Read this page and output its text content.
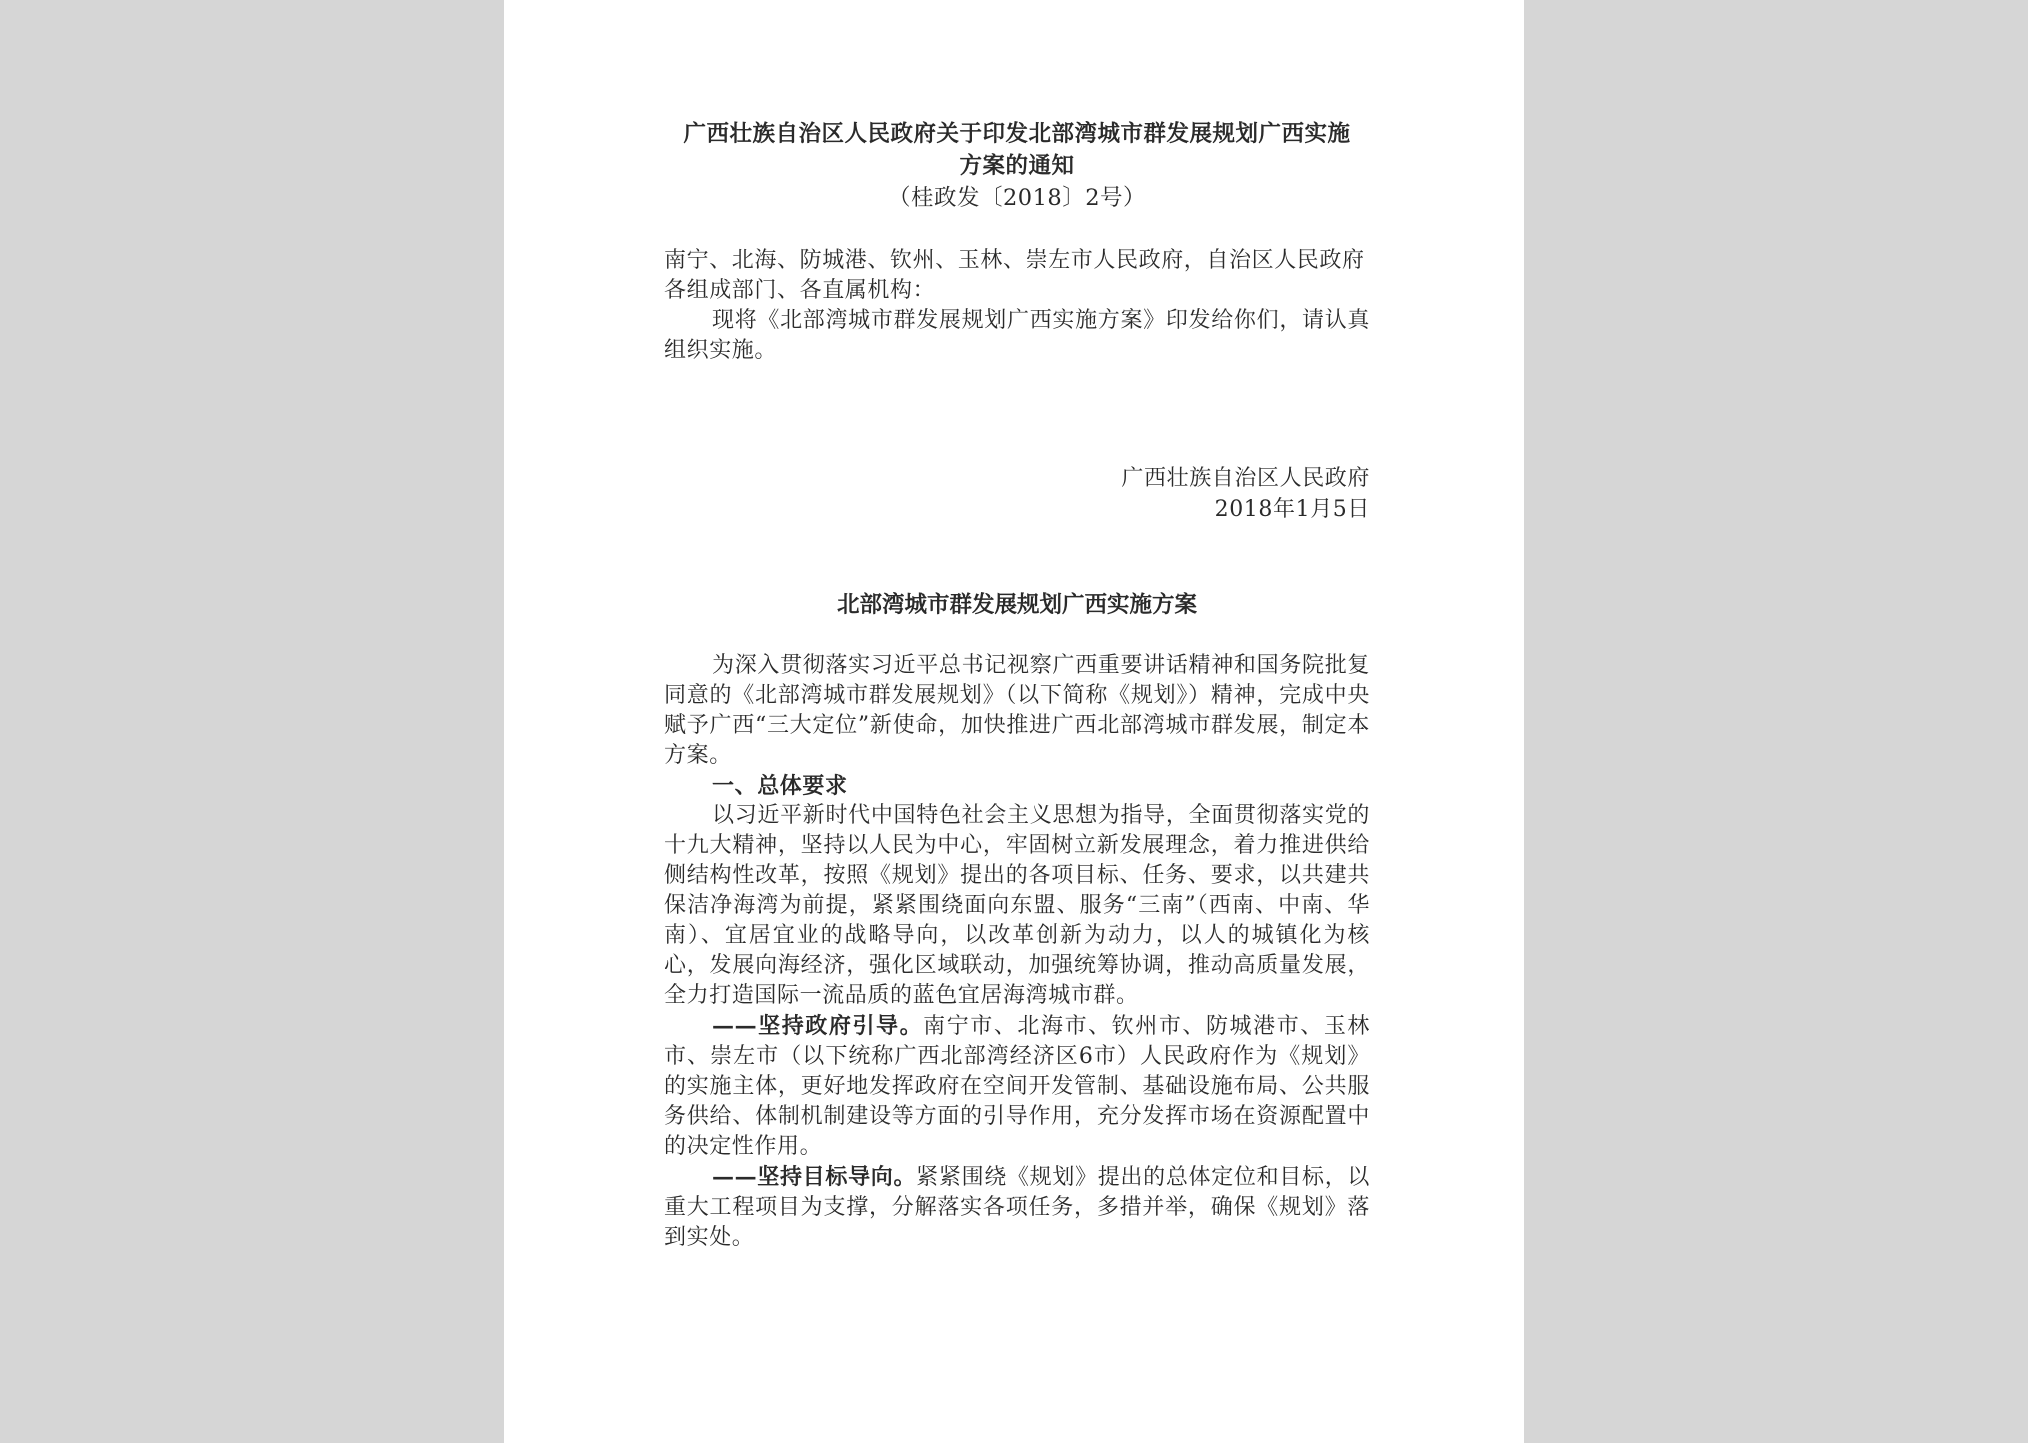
广西壮族自治区人民政府关于印发北部湾城市群发展规划广西实施
方案的通知
（桂政发〔2018〕2号）
南宁、北海、防城港、钦州、玉林、崇左市人民政府，自治区人民政府各组成部门、各直属机构：

现将《北部湾城市群发展规划广西实施方案》印发给你们，请认真组织实施。

广西壮族自治区人民政府
2018年1月5日
北部湾城市群发展规划广西实施方案

为深入贯彻落实习近平总书记视察广西重要讲话精神和国务院批复同意的《北部湾城市群发展规划》（以下简称《规划》）精神，完成中央赋予广西“三大定位”新使命，加快推进广西北部湾城市群发展，制定本方案。

一、总体要求

以习近平新时代中国特色社会主义思想为指导，全面贯彻落实党的十九大精神，坚持以人民为中心，牢固树立新发展理念，着力推进供给侧结构性改革，按照《规划》提出的各项目标、任务、要求，以共建共保洁净海湾为前提，紧紧围绕面向东盟、服务“三南”（西南、中南、华南）、宜居宜业的战略导向，以改革创新为动力，以人的城镇化为核心，发展向海经济，强化区域联动，加强统筹协调，推动高质量发展，全力打造国际一流品质的蓝色宜居海湾城市群。

——坚持政府引导。南宁市、北海市、钦州市、防城港市、玉林市、崇左市（以下统称广西北部湾经济区6市）人民政府作为《规划》的实施主体，更好地发挥政府在空间开发管制、基础设施布局、公共服务供给、体制机制建设等方面的引导作用，充分发挥市场在资源配置中的决定性作用。

——坚持目标导向。紧紧围绕《规划》提出的总体定位和目标，以重大工程项目为支撑，分解落实各项任务，多措并举，确保《规划》落到实处。
